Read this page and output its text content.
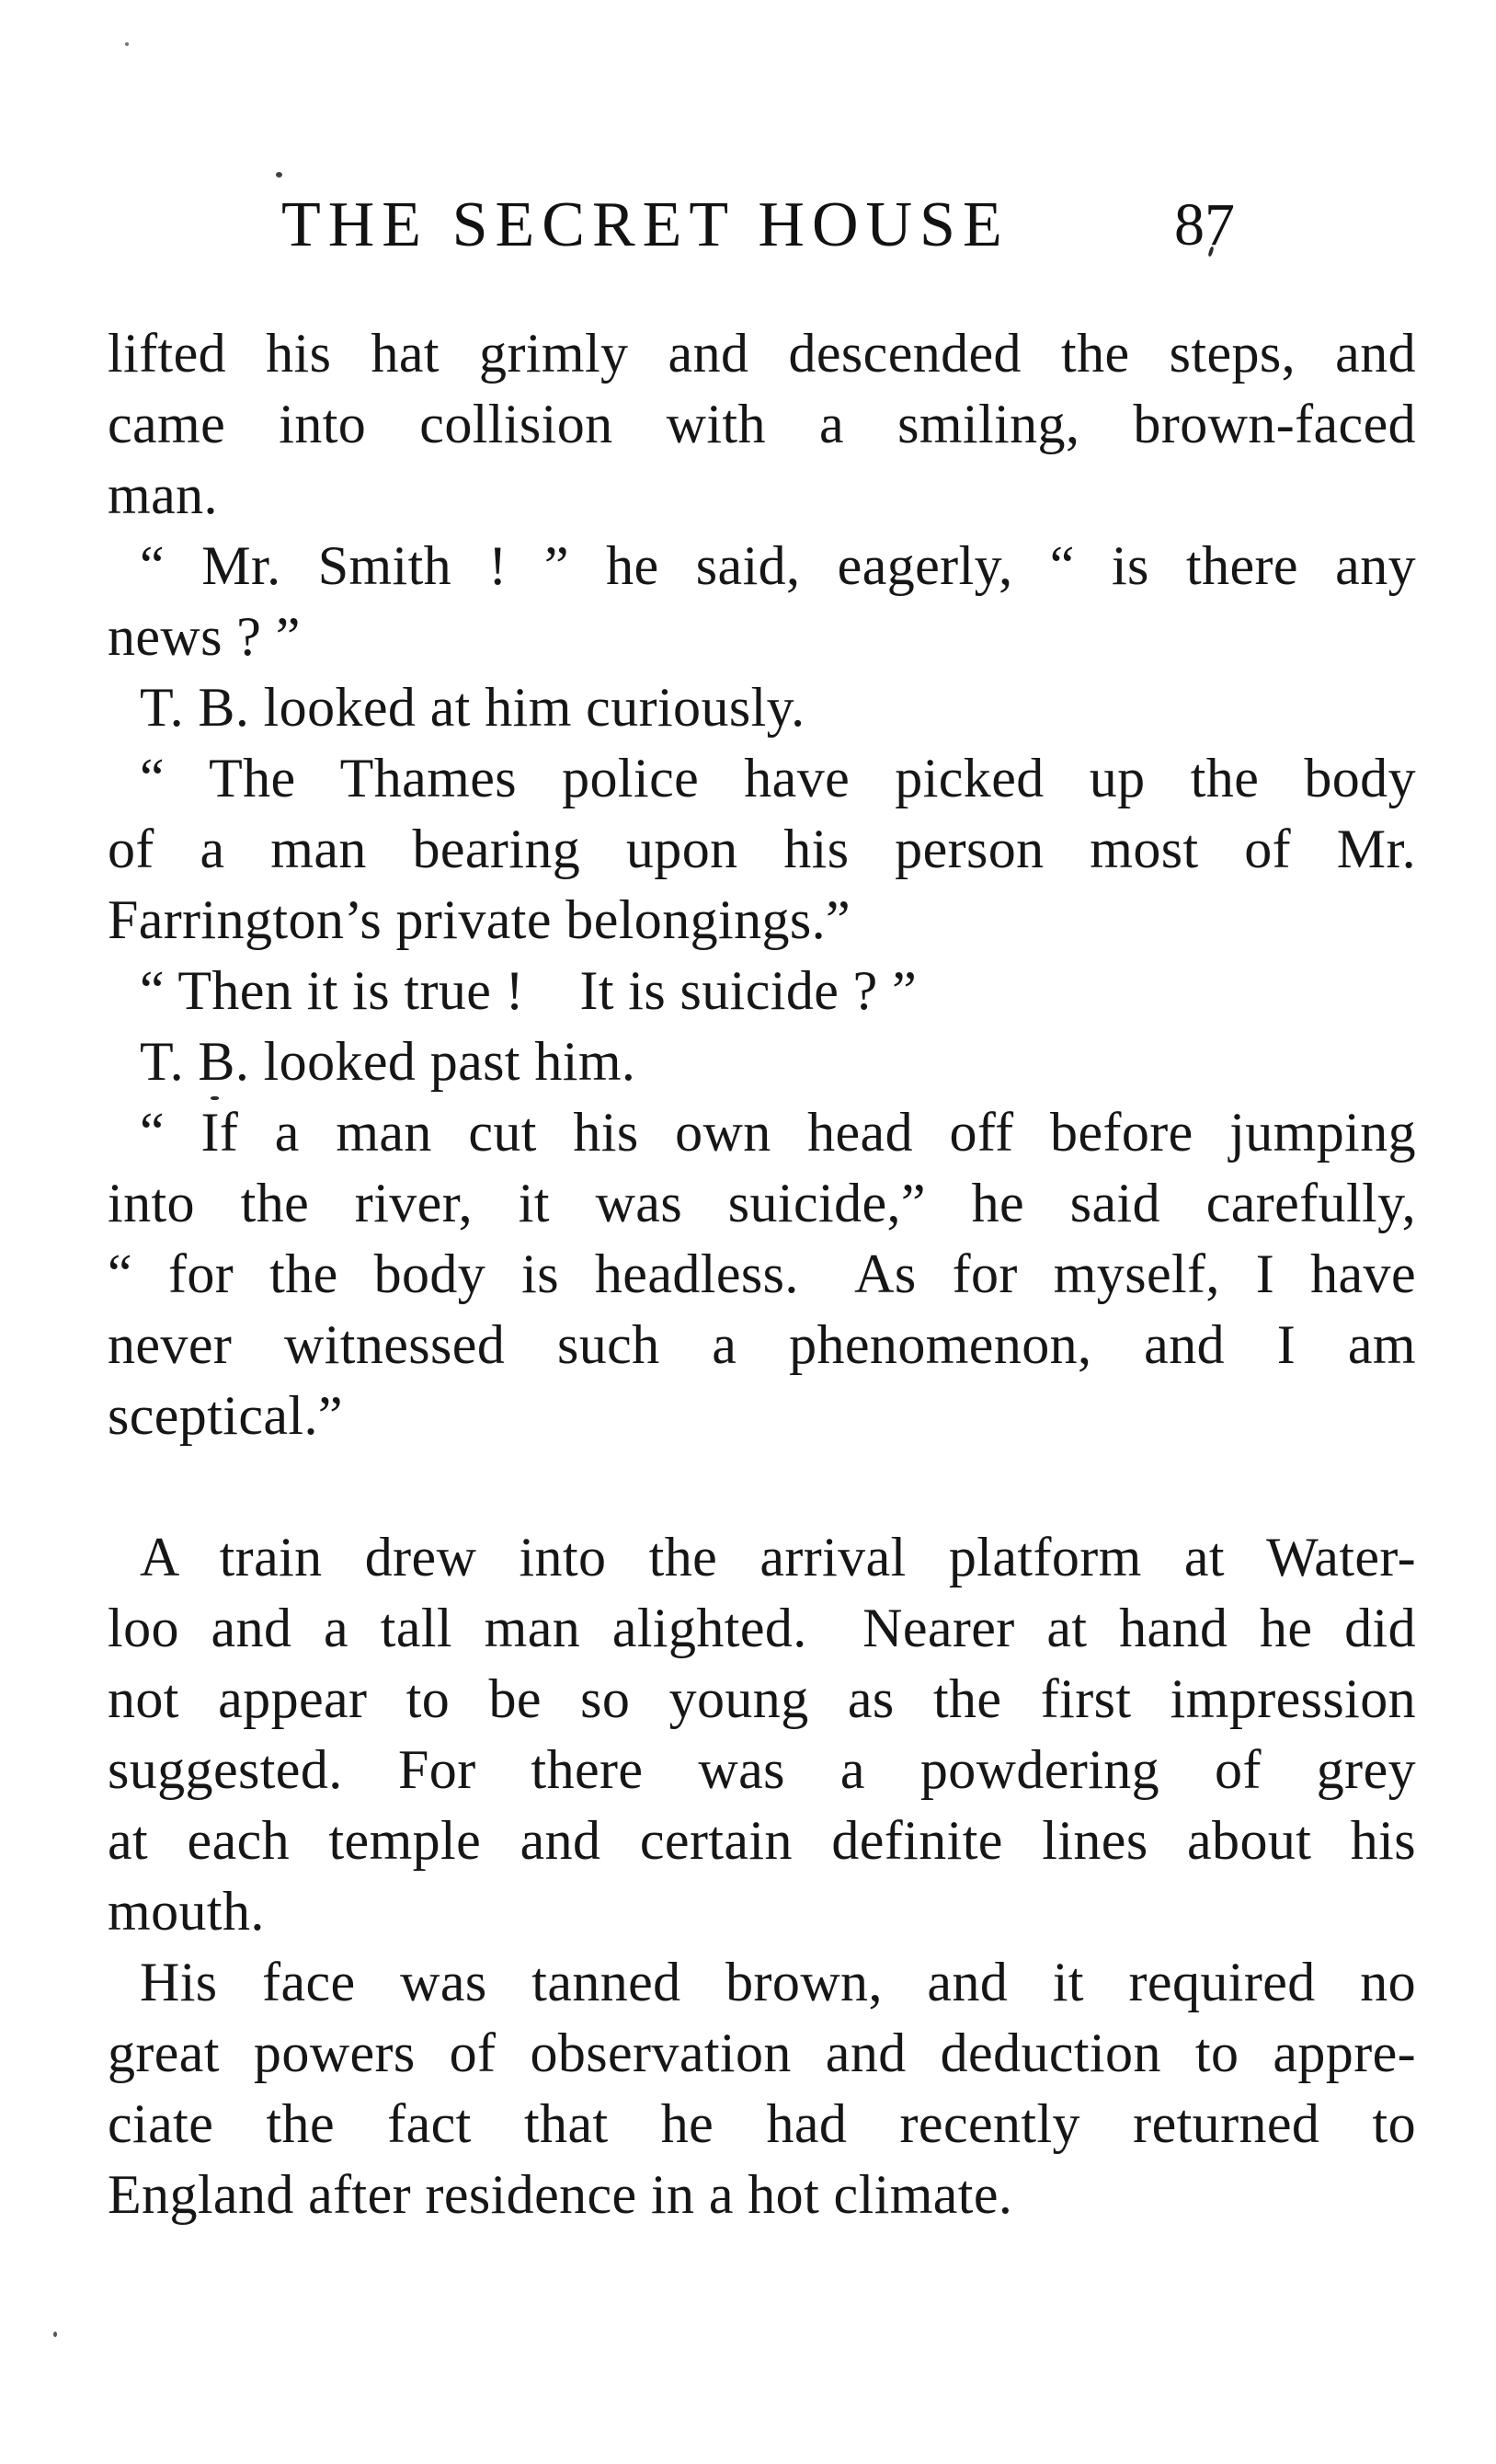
THE SECRET HOUSE	87

lifted his hat grimly and descended the steps, and
came into collision with a smiling, brown-faced
man.

“ Mr. Smith ! ” he said, eagerly, “ is there any
news ? ”

T. B. looked at him curiously.

“ The Thames police have picked up the body
of a man bearing upon his person most of Mr.
Farrington’s private belongings.”

“ Then it is true ! It is suicide ? ”

T. B. looked past him.

“ If a man cut his own head off before jumping
into the river, it was suicide,” he said carefully,
“ for the body is headless. As for myself, I have
never witnessed such a phenomenon, and I am
sceptical.”

A train drew into the arrival platform at Water-
loo and a tall man alighted. Nearer at hand he did
not appear to be so young as the first impression
suggested. For there was a powdering of grey
at each temple and certain definite lines about his
mouth.

His face was tanned brown, and it required no
great powers of observation and deduction to appre-
ciate the fact that he had recently returned to
England after residence in a hot climate.
